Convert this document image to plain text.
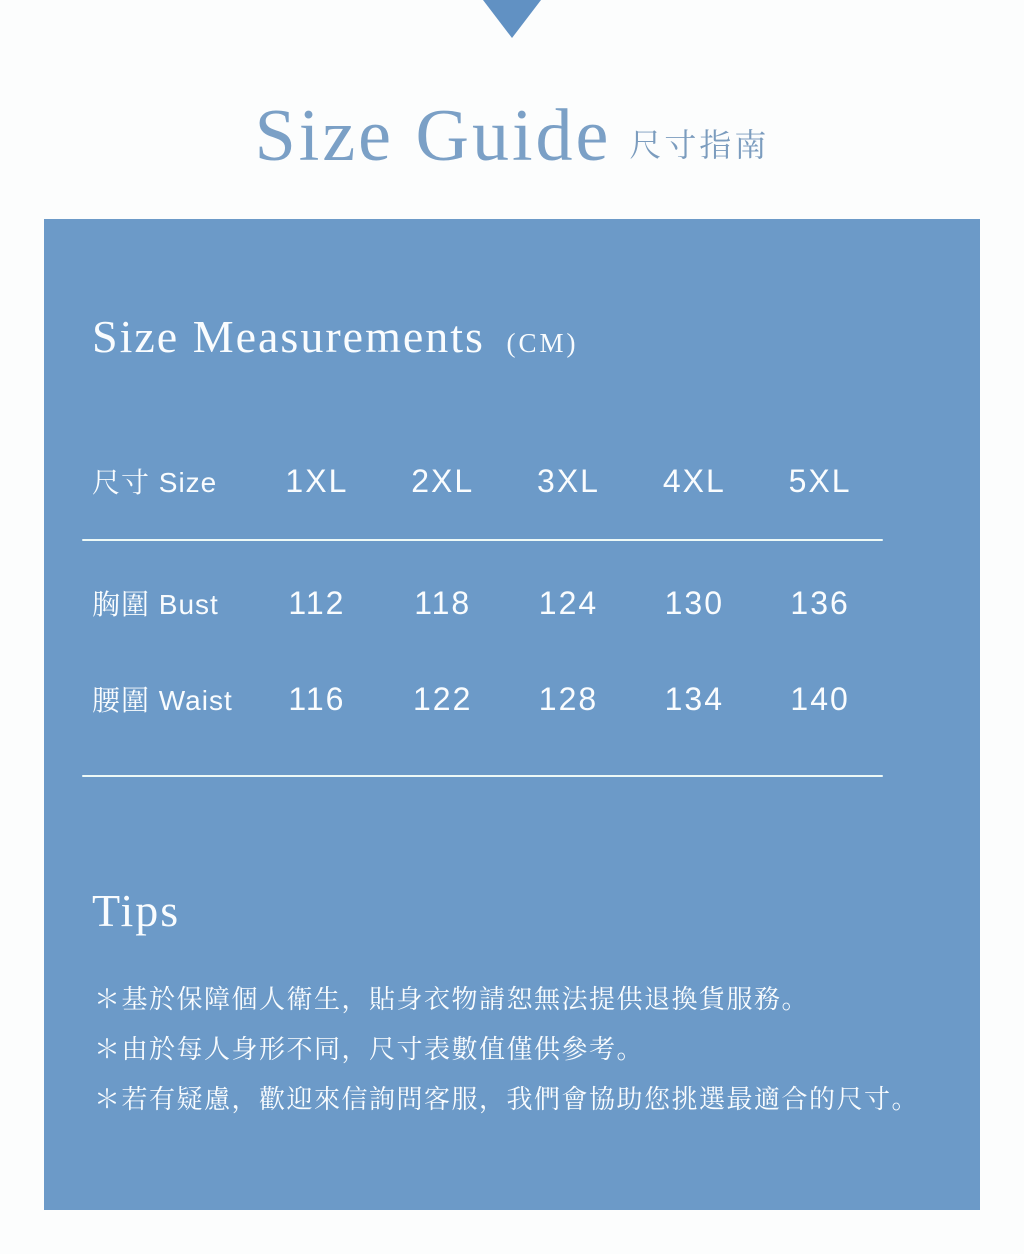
Size Guide 尺寸指南
Size Measurements (CM)
尺寸 Size	1XL	2XL	3XL	4XL	5XL
胸圍 Bust	112	118	124	130	136
腰圍 Waist	116	122	128	134	140
Tips
＊基於保障個人衛生，貼身衣物請恕無法提供退換貨服務。
＊由於每人身形不同，尺寸表數值僅供參考。
＊若有疑慮，歡迎來信詢問客服，我們會協助您挑選最適合的尺寸。
